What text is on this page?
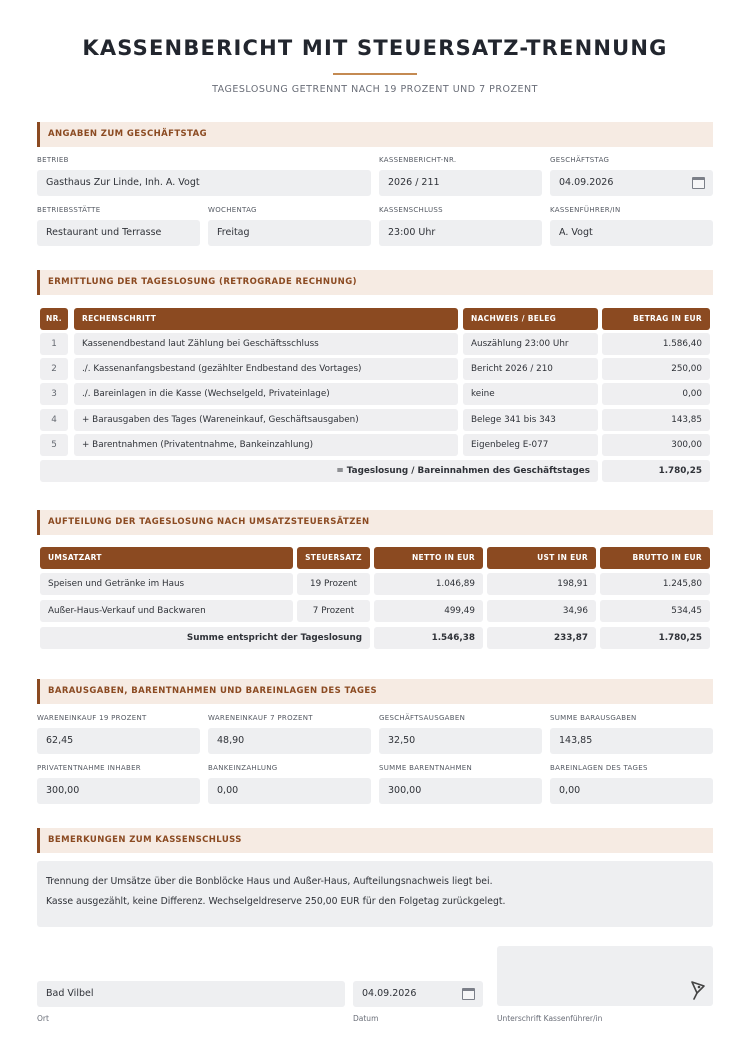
KASSENBERICHT MIT STEUERSATZ-TRENNUNG
TAGESLOSUNG GETRENNT NACH 19 PROZENT UND 7 PROZENT
ANGABEN ZUM GESCHÄFTSTAG
BETRIEB
Gasthaus Zur Linde, Inh. A. Vogt
KASSENBERICHT-NR.
2026 / 211
GESCHÄFTSTAG
04.09.2026
BETRIEBSSTÄTTE
Restaurant und Terrasse
WOCHENTAG
Freitag
KASSENSCHLUSS
23:00 Uhr
KASSENFÜHRER/IN
A. Vogt
ERMITTLUNG DER TAGESLOSUNG (RETROGRADE RECHNUNG)
NR.	RECHENSCHRITT	NACHWEIS / BELEG	BETRAG IN EUR
1	Kassenendbestand laut Zählung bei Geschäftsschluss	Auszählung 23:00 Uhr	1.586,40
2	./. Kassenanfangsbestand (gezählter Endbestand des Vortages)	Bericht 2026 / 210	250,00
3	./. Bareinlagen in die Kasse (Wechselgeld, Privateinlage)	keine	0,00
4	+ Barausgaben des Tages (Wareneinkauf, Geschäftsausgaben)	Belege 341 bis 343	143,85
5	+ Barentnahmen (Privatentnahme, Bankeinzahlung)	Eigenbeleg E-077	300,00
= Tageslosung / Bareinnahmen des Geschäftstages	1.780,25
AUFTEILUNG DER TAGESLOSUNG NACH UMSATZSTEUERSÄTZEN
UMSATZART	STEUERSATZ	NETTO IN EUR	UST IN EUR	BRUTTO IN EUR
Speisen und Getränke im Haus	19 Prozent	1.046,89	198,91	1.245,80
Außer-Haus-Verkauf und Backwaren	7 Prozent	499,49	34,96	534,45
Summe entspricht der Tageslosung	1.546,38	233,87	1.780,25
BARAUSGABEN, BARENTNAHMEN UND BAREINLAGEN DES TAGES
WARENEINKAUF 19 PROZENT
62,45
WARENEINKAUF 7 PROZENT
48,90
GESCHÄFTSAUSGABEN
32,50
SUMME BARAUSGABEN
143,85
PRIVATENTNAHME INHABER
300,00
BANKEINZAHLUNG
0,00
SUMME BARENTNAHMEN
300,00
BAREINLAGEN DES TAGES
0,00
BEMERKUNGEN ZUM KASSENSCHLUSS
Trennung der Umsätze über die Bonblöcke Haus und Außer-Haus, Aufteilungsnachweis liegt bei.
Kasse ausgezählt, keine Differenz. Wechselgeldreserve 250,00 EUR für den Folgetag zurückgelegt.
Bad Vilbel
Ort
04.09.2026
Datum	Unterschrift Kassenführer/in
